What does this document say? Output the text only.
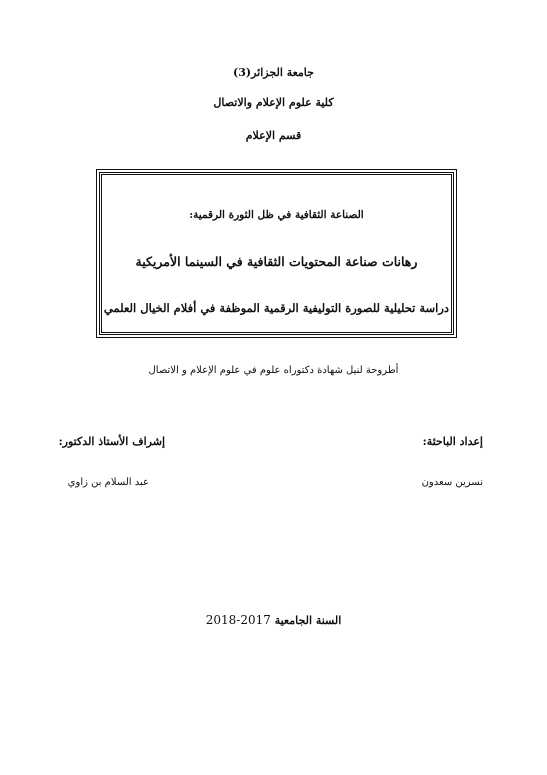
جامعة الجزائر(3)
كلية علوم الإعلام والاتصال
قسم الإعلام
الصناعة الثقافية في ظل الثورة الرقمية:
رهانات صناعة المحتويات الثقافية في السينما الأمريكية
دراسة تحليلية للصورة التوليفية الرقمية الموظفة في أفلام الخيال العلمي
أطروحة لنيل شهادة دكتوراه علوم في علوم الإعلام و الاتصال
إعداد الباحثة:
نسرين سعدون
إشراف الأستاذ الدكتور:
عبد السلام بن زاوي
السنة الجامعية 2017-2018
